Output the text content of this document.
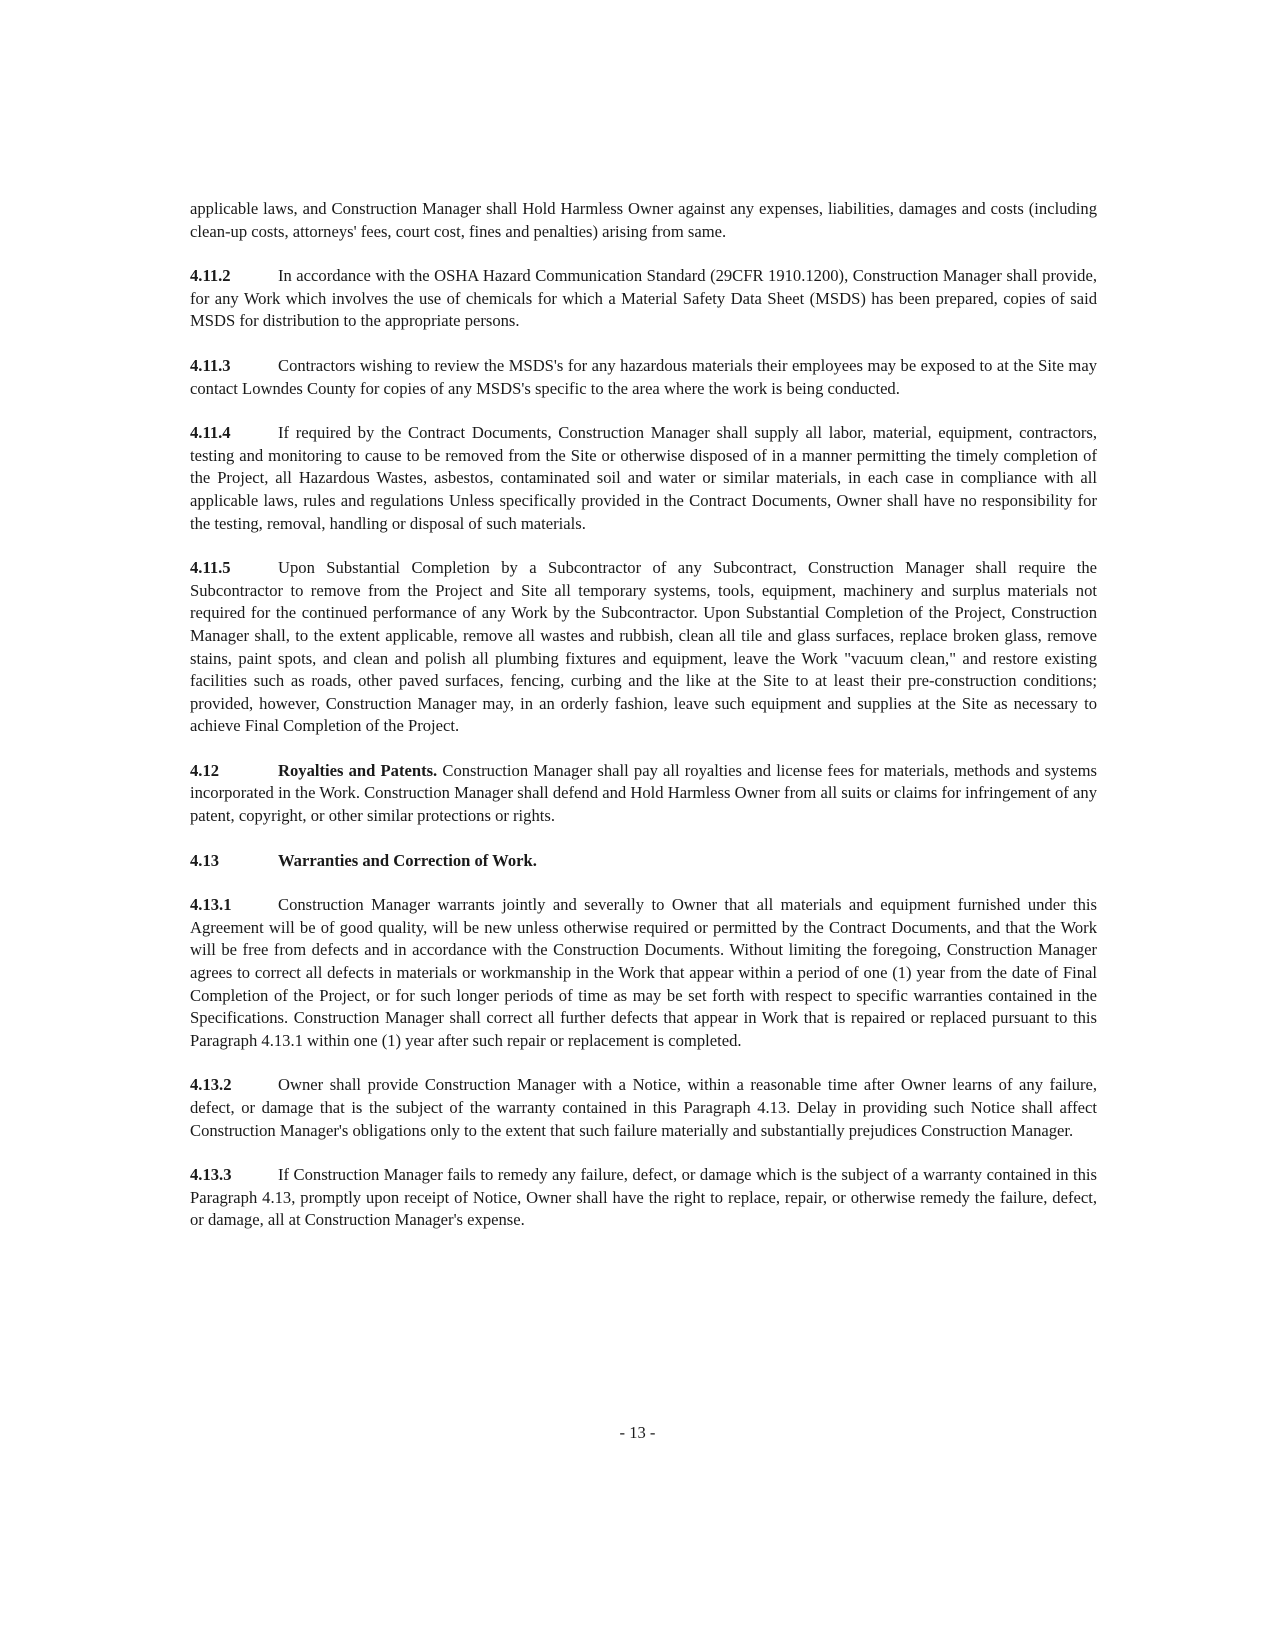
applicable laws, and Construction Manager shall Hold Harmless Owner against any expenses, liabilities, damages and costs (including clean-up costs, attorneys' fees, court cost, fines and penalties) arising from same.

4.11.2	In accordance with the OSHA Hazard Communication Standard (29CFR 1910.1200), Construction Manager shall provide, for any Work which involves the use of chemicals for which a Material Safety Data Sheet (MSDS) has been prepared, copies of said MSDS for distribution to the appropriate persons.

4.11.3	Contractors wishing to review the MSDS's for any hazardous materials their employees may be exposed to at the Site may contact Lowndes County for copies of any MSDS's specific to the area where the work is being conducted.

4.11.4	If required by the Contract Documents, Construction Manager shall supply all labor, material, equipment, contractors, testing and monitoring to cause to be removed from the Site or otherwise disposed of in a manner permitting the timely completion of the Project, all Hazardous Wastes, asbestos, contaminated soil and water or similar materials, in each case in compliance with all applicable laws, rules and regulations Unless specifically provided in the Contract Documents, Owner shall have no responsibility for the testing, removal, handling or disposal of such materials.

4.11.5	Upon Substantial Completion by a Subcontractor of any Subcontract, Construction Manager shall require the Subcontractor to remove from the Project and Site all temporary systems, tools, equipment, machinery and surplus materials not required for the continued performance of any Work by the Subcontractor. Upon Substantial Completion of the Project, Construction Manager shall, to the extent applicable, remove all wastes and rubbish, clean all tile and glass surfaces, replace broken glass, remove stains, paint spots, and clean and polish all plumbing fixtures and equipment, leave the Work "vacuum clean," and restore existing facilities such as roads, other paved surfaces, fencing, curbing and the like at the Site to at least their pre-construction conditions; provided, however, Construction Manager may, in an orderly fashion, leave such equipment and supplies at the Site as necessary to achieve Final Completion of the Project.

4.12	Royalties and Patents. Construction Manager shall pay all royalties and license fees for materials, methods and systems incorporated in the Work. Construction Manager shall defend and Hold Harmless Owner from all suits or claims for infringement of any patent, copyright, or other similar protections or rights.

4.13	Warranties and Correction of Work.

4.13.1	Construction Manager warrants jointly and severally to Owner that all materials and equipment furnished under this Agreement will be of good quality, will be new unless otherwise required or permitted by the Contract Documents, and that the Work will be free from defects and in accordance with the Construction Documents. Without limiting the foregoing, Construction Manager agrees to correct all defects in materials or workmanship in the Work that appear within a period of one (1) year from the date of Final Completion of the Project, or for such longer periods of time as may be set forth with respect to specific warranties contained in the Specifications. Construction Manager shall correct all further defects that appear in Work that is repaired or replaced pursuant to this Paragraph 4.13.1 within one (1) year after such repair or replacement is completed.

4.13.2	Owner shall provide Construction Manager with a Notice, within a reasonable time after Owner learns of any failure, defect, or damage that is the subject of the warranty contained in this Paragraph 4.13. Delay in providing such Notice shall affect Construction Manager's obligations only to the extent that such failure materially and substantially prejudices Construction Manager.

4.13.3	If Construction Manager fails to remedy any failure, defect, or damage which is the subject of a warranty contained in this Paragraph 4.13, promptly upon receipt of Notice, Owner shall have the right to replace, repair, or otherwise remedy the failure, defect, or damage, all at Construction Manager's expense.

- 13 -
